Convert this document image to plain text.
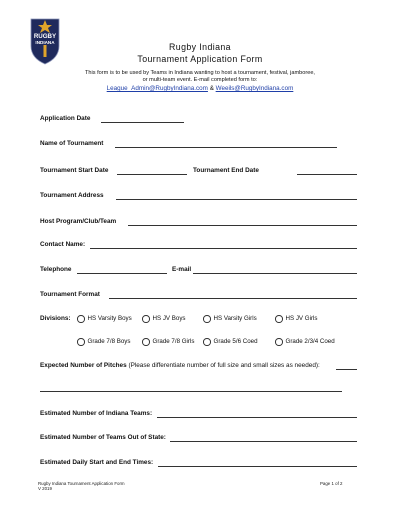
RUGBY
INDIANA	Rugby Indiana
Tournament Application Form
This form is to be used by Teams in Indiana wanting to host a tournament, festival, jamboree,
or multi-team event. E-mail completed form to:
League_Admin@RugbyIndiana.com & Weeils@RugbyIndiana.com
Application Date
Name of Tournament
Tournament Start Date	Tournament End Date
Tournament Address
Host Program/Club/Team
Contact Name:
Telephone	E-mail
Tournament Format
Divisions:	HS Varsity Boys	HS JV Boys	HS Varsity Girls	HS JV Girls
Grade 7/8 Boys	Grade 7/8 Girls	Grade 5/6 Coed	Grade 2/3/4 Coed
Expected Number of Pitches (Please differentiate number of full size and small sizes as needed):
Estimated Number of Indiana Teams:
Estimated Number of Teams Out of State:
Estimated Daily Start and End Times:
Rugby Indiana Tournament Application Form
V 2019
Page 1 of 2
